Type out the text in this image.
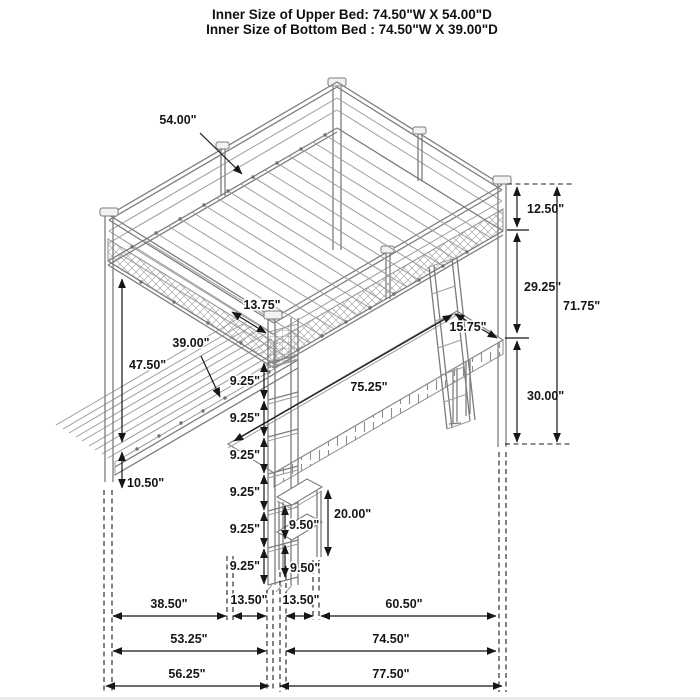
Inner Size of Upper Bed: 74.50"W X 54.00"D
Inner Size of Bottom Bed : 74.50"W X 39.00"D
54.00"
13.75"
39.00"
47.50"
10.50"
9.25"
9.25"
9.25"
9.25"
9.25"
9.25"
75.25"
15.75"
12.50"
29.25"
30.00"
71.75"
20.00"
9.50"
9.50"
38.50"	13.50" 13.50"	60.50"
53.25"	74.50"
56.25"	77.50"
